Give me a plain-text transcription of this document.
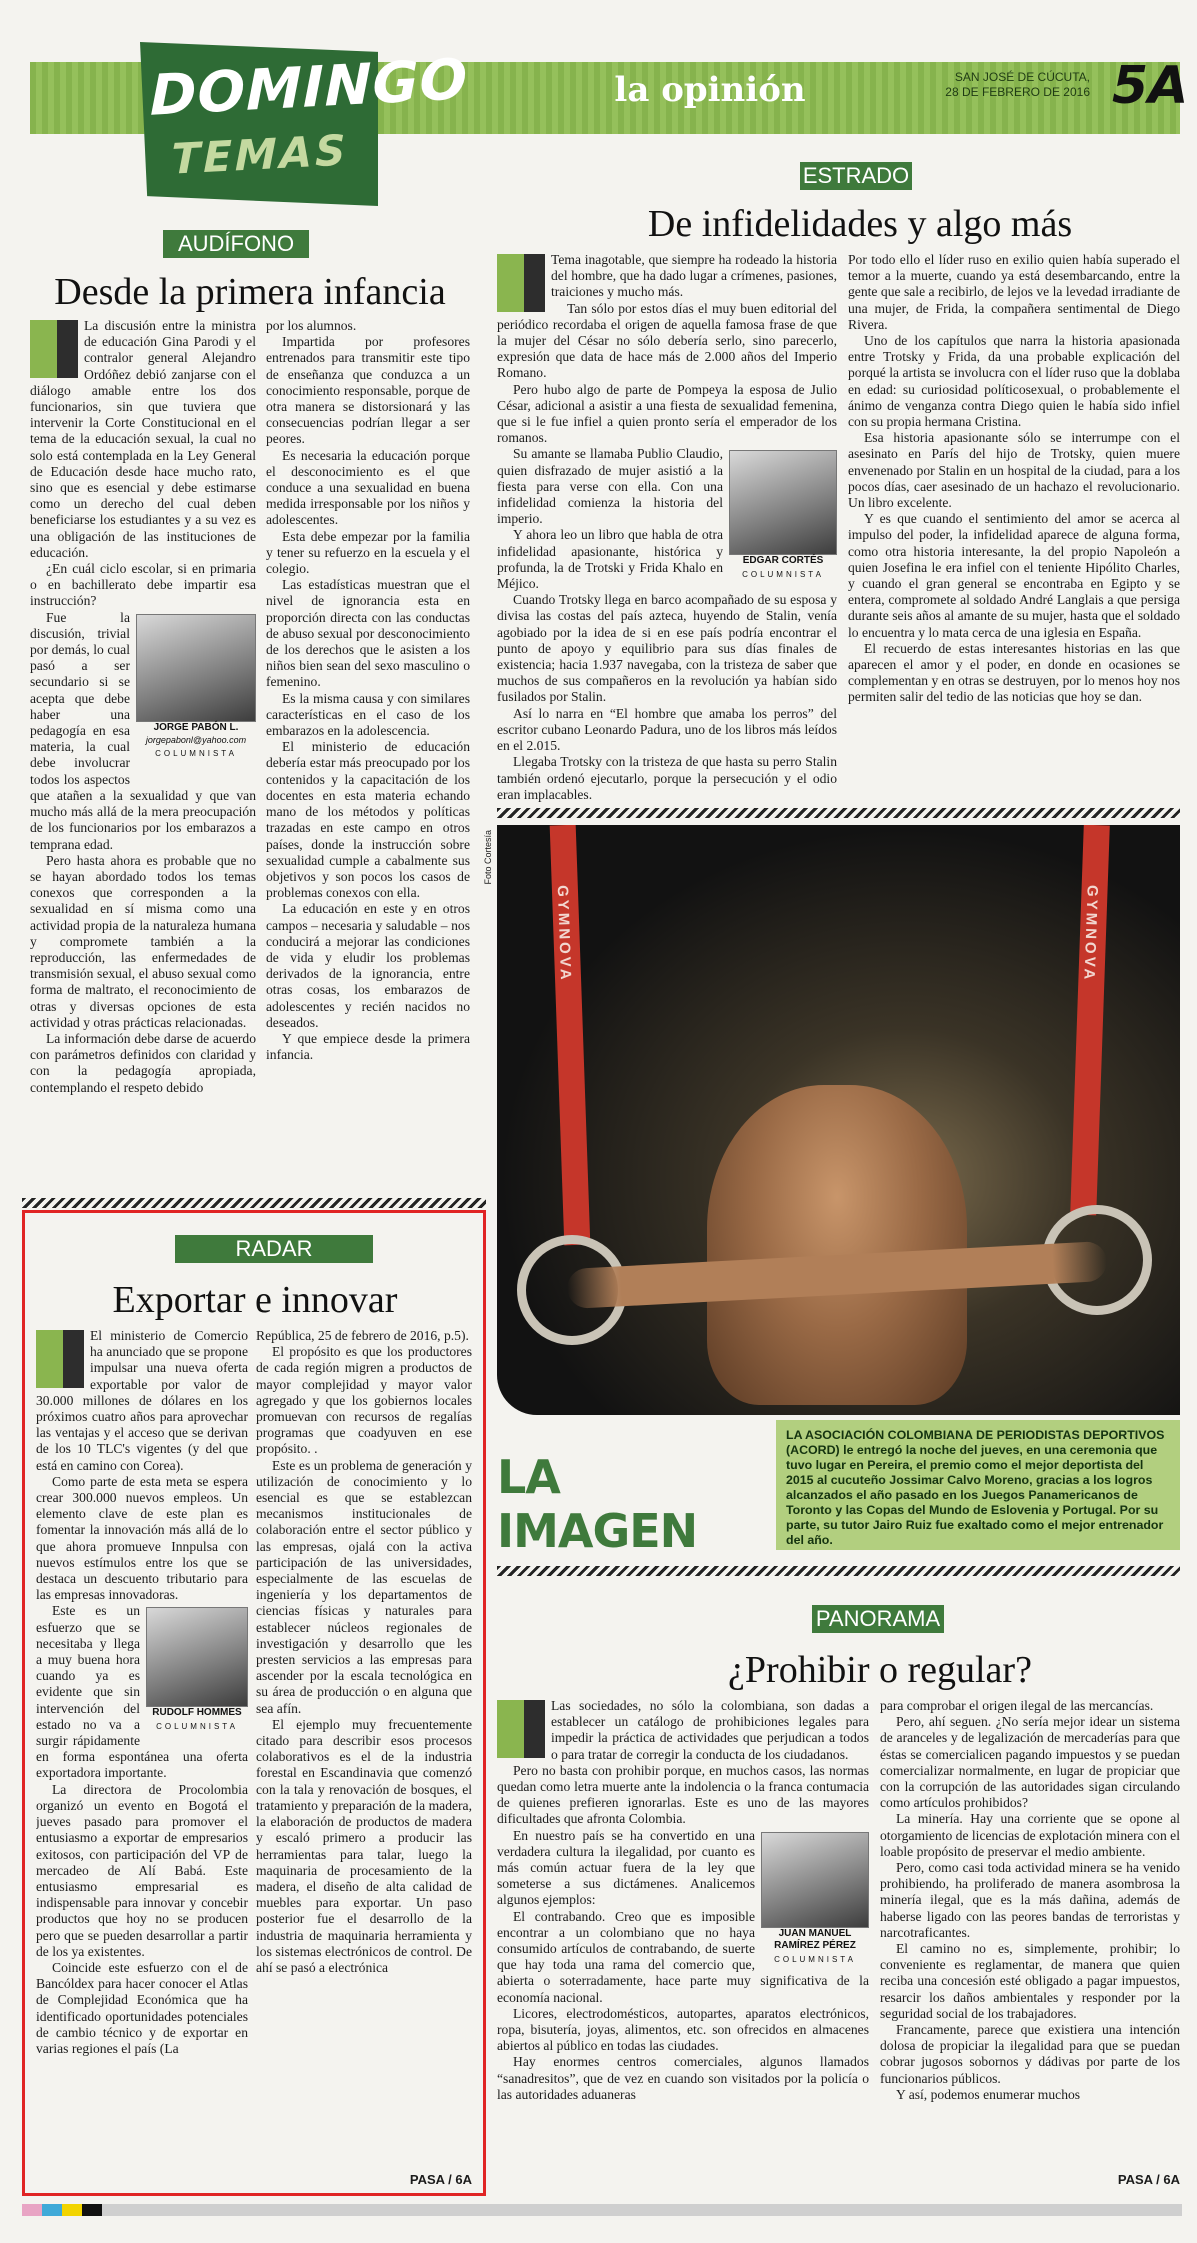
DOMINGO
TEMAS
la opinión	SAN JOSÉ DE CÚCUTA,
28 DE FEBRERO DE 2016 5A
AUDÍFONO
Desde la primera infancia

La discusión entre la ministra de educación Gina Parodi y el contralor general Alejandro Ordóñez debió zanjarse con el diálogo amable entre los dos funcionarios, sin que tuviera que intervenir la Corte Constitucional en el tema de la educación sexual, la cual no solo está contemplada en la Ley General de Educación desde hace mucho rato, sino que es esencial y debe estimarse como un derecho del cual deben beneficiarse los estudiantes y a su vez es una obligación de las instituciones de educación.

¿En cuál ciclo escolar, si en primaria o en bachillerato debe impartir esa instrucción?

JORGE PABÓN L.
jorgepabonl@yahoo.com
COLUMNISTA

Fue la discusión, trivial por demás, lo cual pasó a ser secundario si se acepta que debe haber una pedagogía en esa materia, la cual debe involucrar todos los aspectos que atañen a la sexualidad y que van mucho más allá de la mera preocupación de los funcionarios por los embarazos a temprana edad.

Pero hasta ahora es probable que no se hayan abordado todos los temas conexos que corresponden a la sexualidad en sí misma como una actividad propia de la naturaleza humana y compromete también a la reproducción, las enfermedades de transmisión sexual, el abuso sexual como forma de maltrato, el reconocimiento de otras y diversas opciones de esta actividad y otras prácticas relacionadas.

La información debe darse de acuerdo con parámetros definidos con claridad y con la pedagogía apropiada, contemplando el respeto debido

por los alumnos.

Impartida por profesores entrenados para transmitir este tipo de enseñanza que conduzca a un conocimiento responsable, porque de otra manera se distorsionará y las consecuencias podrían llegar a ser peores.

Es necesaria la educación porque el desconocimiento es el que conduce a una sexualidad en buena medida irresponsable por los niños y adolescentes.

Esta debe empezar por la familia y tener su refuerzo en la escuela y el colegio.

Las estadísticas muestran que el nivel de ignorancia esta en proporción directa con las conductas de abuso sexual por desconocimiento de los derechos que le asisten a los niños bien sean del sexo masculino o femenino.

Es la misma causa y con similares características en el caso de los embarazos en la adolescencia.

El ministerio de educación debería estar más preocupado por los contenidos y la capacitación de los docentes en esta materia echando mano de los métodos y políticas trazadas en este campo en otros países, donde la instrucción sobre sexualidad cumple a cabalmente sus objetivos y son pocos los casos de problemas conexos con ella.

La educación en este y en otros campos – necesaria y saludable – nos conducirá a mejorar las condiciones de vida y eludir los problemas derivados de la ignorancia, entre otras cosas, los embarazos de adolescentes y recién nacidos no deseados.

Y que empiece desde la primera infancia.

ESTRADO
De infidelidades y algo más

Tema inagotable, que siempre ha rodeado la historia del hombre, que ha dado lugar a crímenes, pasiones, traiciones y mucho más.

Tan sólo por estos días el muy buen editorial del periódico recordaba el origen de aquella famosa frase de que la mujer del César no sólo debería serlo, sino parecerlo, expresión que data de hace más de 2.000 años del Imperio Romano.

Pero hubo algo de parte de Pompeya la esposa de Julio César, adicional a asistir a una fiesta de sexualidad femenina, que si le fue infiel a quien pronto sería el emperador de los romanos.

EDGAR CORTÉS
COLUMNISTA

Su amante se llamaba Publio Claudio, quien disfrazado de mujer asistió a la fiesta para verse con ella. Con una infidelidad comienza la historia del imperio.

Y ahora leo un libro que habla de otra infidelidad apasionante, histórica y profunda, la de Trotski y Frida Khalo en Méjico.

Cuando Trotsky llega en barco acompañado de su esposa y divisa las costas del país azteca, huyendo de Stalin, venía agobiado por la idea de si en ese país podría encontrar el punto de apoyo y equilibrio para sus días finales de existencia; hacia 1.937 navegaba, con la tristeza de saber que muchos de sus compañeros en la revolución ya habían sido fusilados por Stalin.

Así lo narra en “El hombre que amaba los perros” del escritor cubano Leonardo Padura, uno de los libros más leídos en el 2.015.

Llegaba Trotsky con la tristeza de que hasta su perro Stalin también ordenó ejecutarlo, porque la persecución y el odio eran implacables.

Por todo ello el líder ruso en exilio quien había superado el temor a la muerte, cuando ya está desembarcando, entre la gente que sale a recibirlo, de lejos ve la levedad irradiante de una mujer, de Frida, la compañera sentimental de Diego Rivera.

Uno de los capítulos que narra la historia apasionada entre Trotsky y Frida, da una probable explicación del porqué la artista se involucra con el líder ruso que la doblaba en edad: su curiosidad políticosexual, o probablemente el ánimo de venganza contra Diego quien le había sido infiel con su propia hermana Cristina.

Esa historia apasionante sólo se interrumpe con el asesinato en París del hijo de Trotsky, quien muere envenenado por Stalin en un hospital de la ciudad, para a los pocos días, caer asesinado de un hachazo el revolucionario. Un libro excelente.

Y es que cuando el sentimiento del amor se acerca al impulso del poder, la infidelidad aparece de alguna forma, como otra historia interesante, la del propio Napoleón a quien Josefina le era infiel con el teniente Hipólito Charles, y cuando el gran general se encontraba en Egipto y se entera, compromete al soldado André Langlais a que persiga durante seis años al amante de su mujer, hasta que el soldado lo encuentra y lo mata cerca de una iglesia en España.

El recuerdo de estas interesantes historias en las que aparecen el amor y el poder, en donde en ocasiones se complementan y en otras se destruyen, por lo menos hoy nos permiten salir del tedio de las noticias que hoy se dan.

Foto Cortesía
GYMNOVA	GYMNOVA
LA IMAGEN
LA ASOCIACIÓN COLOMBIANA DE PERIODISTAS DEPORTIVOS (ACORD) le entregó la noche del jueves, en una ceremonia que tuvo lugar en Pereira, el premio como el mejor deportista del 2015 al cucuteño Jossimar Calvo Moreno, gracias a los logros alcanzados el año pasado en los Juegos Panamericanos de Toronto y las Copas del Mundo de Eslovenia y Portugal. Por su parte, su tutor Jairo Ruiz fue exaltado como el mejor entrenador del año.
RADAR
Exportar e innovar

El ministerio de Comercio ha anunciado que se propone impulsar una nueva oferta exportable por valor de 30.000 millones de dólares en los próximos cuatro años para aprovechar las ventajas y el acceso que se derivan de los 10 TLC's vigentes (y del que está en camino con Corea).

Como parte de esta meta se espera crear 300.000 nuevos empleos. Un elemento clave de este plan es fomentar la innovación más allá de lo que ahora promueve Innpulsa con nuevos estímulos entre los que se destaca un descuento tributario para las empresas innovadoras.

RUDOLF HOMMES
COLUMNISTA

Este es un esfuerzo que se necesitaba y llega a muy buena hora cuando ya es evidente que sin intervención del estado no va a surgir rápidamente en forma espontánea una oferta exportadora importante.

La directora de Procolombia organizó un evento en Bogotá el jueves pasado para promover el entusiasmo a exportar de empresarios exitosos, con participación del VP de mercadeo de Alí Babá. Este entusiasmo empresarial es indispensable para innovar y concebir productos que hoy no se producen pero que se pueden desarrollar a partir de los ya existentes.

Coincide este esfuerzo con el de Bancóldex para hacer conocer el Atlas de Complejidad Económica que ha identificado oportunidades potenciales de cambio técnico y de exportar en varias regiones el país (La

República, 25 de febrero de 2016, p.5).

El propósito es que los productores de cada región migren a productos de mayor complejidad y mayor valor agregado y que los gobiernos locales promuevan con recursos de regalías programas que coadyuven en ese propósito. .

Este es un problema de generación y utilización de conocimiento y lo esencial es que se establezcan mecanismos institucionales de colaboración entre el sector público y las empresas, ojalá con la activa participación de las universidades, especialmente de las escuelas de ingeniería y los departamentos de ciencias físicas y naturales para establecer núcleos regionales de investigación y desarrollo que les presten servicios a las empresas para ascender por la escala tecnológica en su área de producción o en alguna que sea afín.

El ejemplo muy frecuentemente citado para describir esos procesos colaborativos es el de la industria forestal en Escandinavia que comenzó con la tala y renovación de bosques, el tratamiento y preparación de la madera, la elaboración de productos de madera y escaló primero a producir las herramientas para talar, luego la maquinaria de procesamiento de la madera, el diseño de alta calidad de muebles para exportar. Un paso posterior fue el desarrollo de la industria de maquinaria herramienta y los sistemas electrónicos de control. De ahí se pasó a electrónica

PASA / 6A
PANORAMA
¿Prohibir o regular?

Las sociedades, no sólo la colombiana, son dadas a establecer un catálogo de prohibiciones legales para impedir la práctica de actividades que perjudican a todos o para tratar de corregir la conducta de los ciudadanos.

Pero no basta con prohibir porque, en muchos casos, las normas quedan como letra muerte ante la indolencia o la franca contumacia de quienes prefieren ignorarlas. Este es uno de las mayores dificultades que afronta Colombia.

JUAN MANUEL
RAMÍREZ PÉREZ
COLUMNISTA

En nuestro país se ha convertido en una verdadera cultura la ilegalidad, por cuanto es más común actuar fuera de la ley que someterse a sus dictámenes. Analicemos algunos ejemplos:

El contrabando. Creo que es imposible encontrar a un colombiano que no haya consumido artículos de contrabando, de suerte que hay toda una rama del comercio que, abierta o soterradamente, hace parte muy significativa de la economía nacional.

Licores, electrodomésticos, autopartes, aparatos electrónicos, ropa, bisutería, joyas, alimentos, etc. son ofrecidos en almacenes abiertos al público en todas las ciudades.

Hay enormes centros comerciales, algunos llamados “sanadresitos”, que de vez en cuando son visitados por la policía o las autoridades aduaneras

para comprobar el origen ilegal de las mercancías.

Pero, ahí seguen. ¿No sería mejor idear un sistema de aranceles y de legalización de mercaderías para que éstas se comercialicen pagando impuestos y se puedan comercializar normalmente, en lugar de propiciar que con la corrupción de las autoridades sigan circulando como artículos prohibidos?

La minería. Hay una corriente que se opone al otorgamiento de licencias de explotación minera con el loable propósito de preservar el medio ambiente.

Pero, como casi toda actividad minera se ha venido prohibiendo, ha proliferado de manera asombrosa la minería ilegal, que es la más dañina, además de haberse ligado con las peores bandas de terroristas y narcotraficantes.

El camino no es, simplemente, prohibir; lo conveniente es reglamentar, de manera que quien reciba una concesión esté obligado a pagar impuestos, resarcir los daños ambientales y responder por la seguridad social de los trabajadores.

Francamente, parece que existiera una intención dolosa de propiciar la ilegalidad para que se puedan cobrar jugosos sobornos y dádivas por parte de los funcionarios públicos.

Y así, podemos enumerar muchos

PASA / 6A
